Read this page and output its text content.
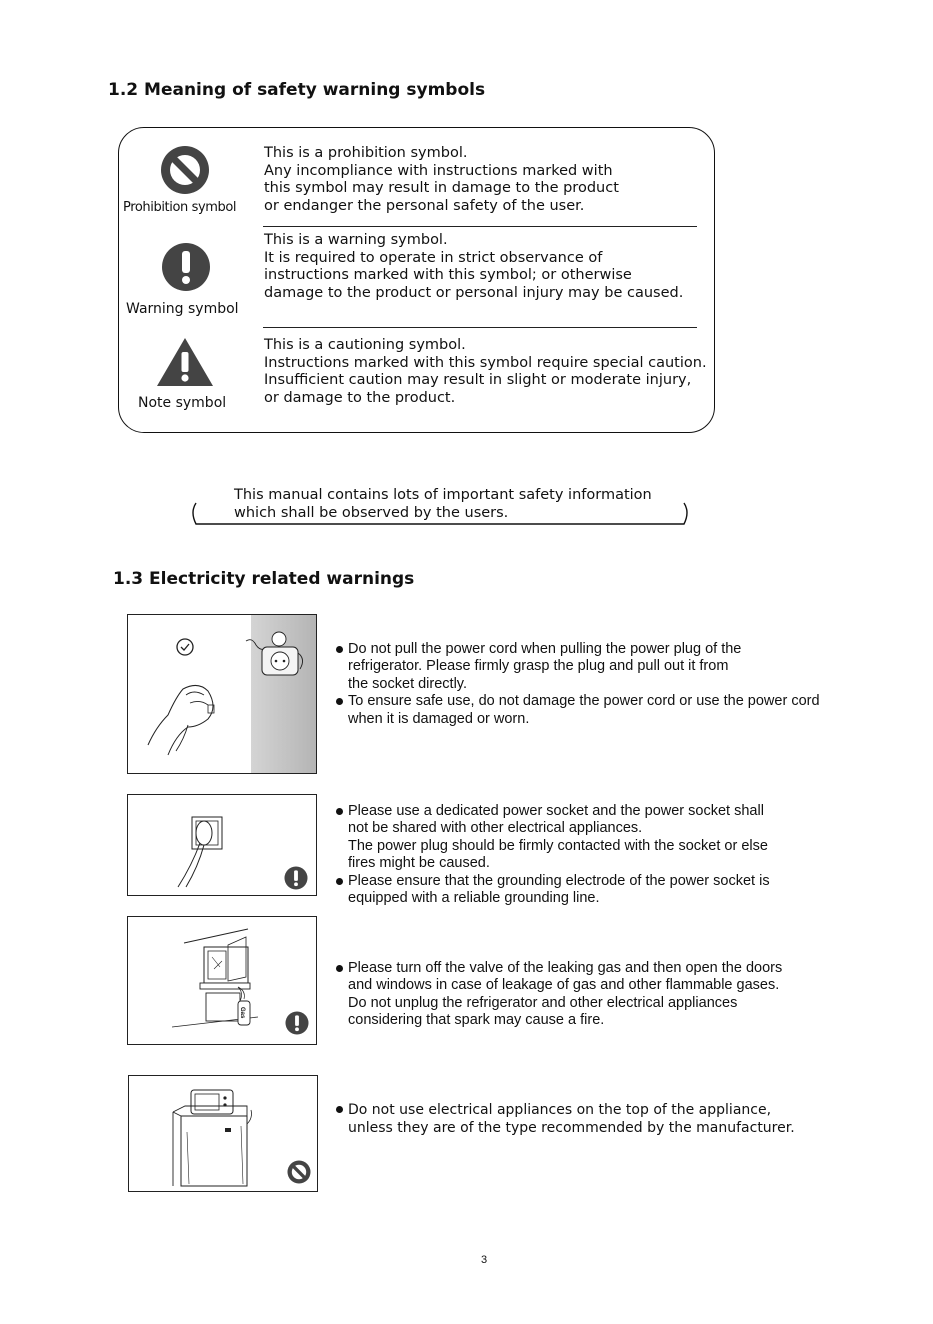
1.2 Meaning of safety warning symbols
Prohibition symbol
This is a prohibition symbol.
Any incompliance with instructions marked with
this symbol may result in damage to the product
or endanger the personal safety of the user.
Warning symbol
This is a warning symbol.
It is required to operate in strict observance of
instructions marked with this symbol; or otherwise
damage to the product or personal injury may be caused.
Note symbol
This is a cautioning symbol.
Instructions marked with this symbol require special caution.
Insufficient caution may result in slight or moderate injury,
or damage to the product.
This manual contains lots of important safety information
which shall be observed by the users.
1.3 Electricity related warnings
Do not pull the power cord when pulling the power plug of the
refrigerator. Please firmly grasp the plug and pull out it from
the socket directly.
To ensure safe use, do not damage the power cord or use the power cord
when it is damaged or worn.
Please use a dedicated power socket and the power socket shall
not be shared with other electrical appliances.
The power plug should be firmly contacted with the socket or else
fires might be caused.
Please ensure that the grounding electrode of the power socket is
equipped with a reliable grounding line.
Gas
Please turn off the valve of the leaking gas and then open the doors
and windows in case of leakage of gas and other flammable gases.
Do not unplug the refrigerator and other electrical appliances
considering that spark may cause a fire.
Do not use electrical appliances on the top of the appliance,
unless they are of the type recommended by the manufacturer.
3
